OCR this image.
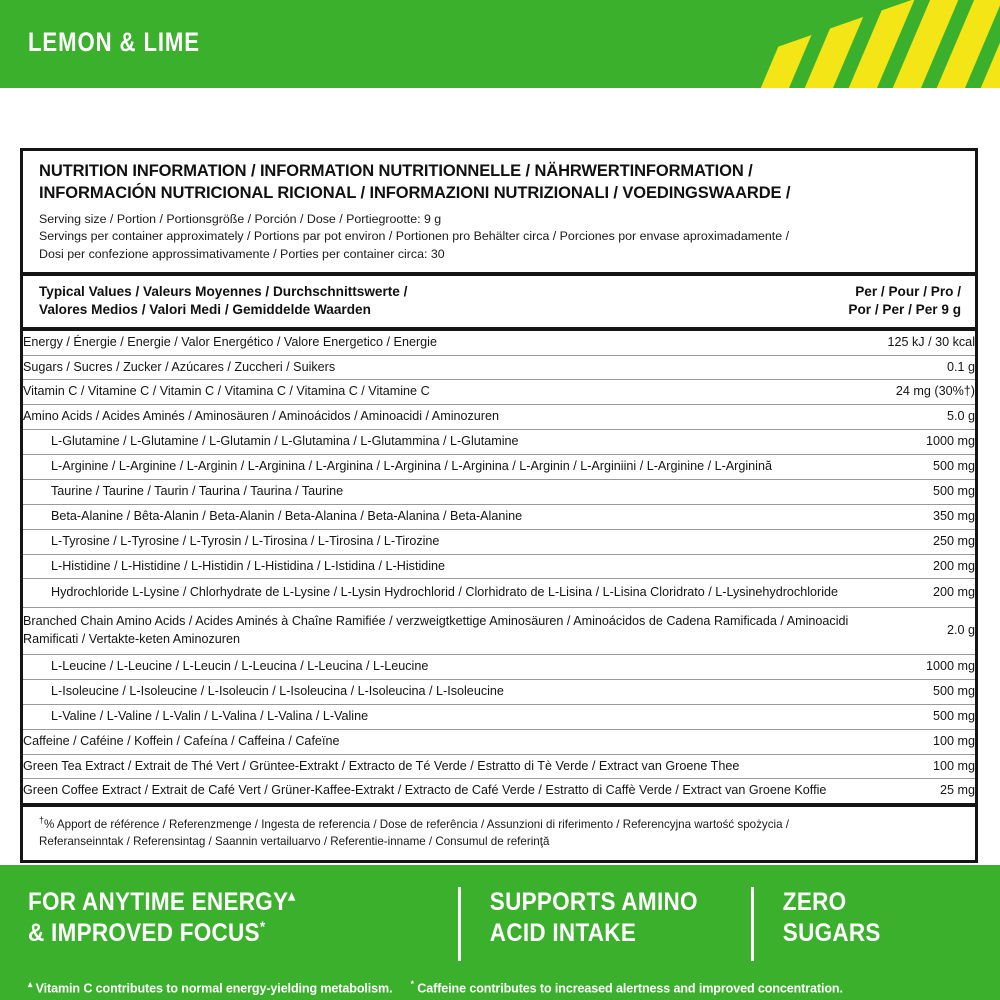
LEMON & LIME
NUTRITION INFORMATION / INFORMATION NUTRITIONNELLE / NÄHRWERTINFORMATION /
INFORMACIÓN NUTRICIONAL RICIONAL / INFORMAZIONI NUTRIZIONALI / VOEDINGSWAARDE /
Serving size / Portion / Portionsgröße / Porción / Dose / Portiegrootte: 9 g
Servings per container approximately / Portions par pot environ / Portionen pro Behälter circa / Porciones por envase aproximadamente /
Dosi per confezione approssimativamente / Porties per container circa: 30
Typical Values / Valeurs Moyennes / Durchschnittswerte /
Valores Medios / Valori Medi / Gemiddelde Waarden
Per / Pour / Pro /
Por / Per / Per 9 g
Energy / Énergie / Energie / Valor Energético / Valore Energetico / Energie	125 kJ / 30 kcal
Sugars / Sucres / Zucker / Azúcares / Zuccheri / Suikers	0.1 g
Vitamin C / Vitamine C / Vitamin C / Vitamina C / Vitamina C / Vitamine C	24 mg (30%†)
Amino Acids / Acides Aminés / Aminosäuren / Aminoácidos / Aminoacidi / Aminozuren	5.0 g
L-Glutamine / L-Glutamine / L-Glutamin / L-Glutamina / L-Glutammina / L-Glutamine	1000 mg
L-Arginine / L-Arginine / L-Arginin / L-Arginina / L-Arginina / L-Arginina / L-Arginina / L-Arginin / L-Arginiini / L-Arginine / L-Arginină	500 mg
Taurine / Taurine / Taurin / Taurina / Taurina / Taurine	500 mg
Beta-Alanine / Bêta-Alanin / Beta-Alanin / Beta-Alanina / Beta-Alanina / Beta-Alanine	350 mg
L-Tyrosine / L-Tyrosine / L-Tyrosin / L-Tirosina / L-Tirosina / L-Tirozine	250 mg
L-Histidine / L-Histidine / L-Histidin / L-Histidina / L-Istidina / L-Histidine	200 mg
Hydrochloride L-Lysine / Chlorhydrate de L-Lysine / L-Lysin Hydrochlorid / Clorhidrato de L-Lisina / L-Lisina Cloridrato / L-Lysinehydrochloride	200 mg
Branched Chain Amino Acids / Acides Aminés à Chaîne Ramifiée / verzweigtkettige Aminosäuren / Aminoácidos de Cadena Ramificada / Aminoacidi Ramificati / Vertakte-keten Aminozuren	2.0 g
L-Leucine / L-Leucine / L-Leucin / L-Leucina / L-Leucina / L-Leucine	1000 mg
L-Isoleucine / L-Isoleucine / L-Isoleucin / L-Isoleucina / L-Isoleucina / L-Isoleucine	500 mg
L-Valine / L-Valine / L-Valin / L-Valina / L-Valina / L-Valine	500 mg
Caffeine / Caféine / Koffein / Cafeína / Caffeina / Cafeïne	100 mg
Green Tea Extract / Extrait de Thé Vert / Grüntee-Extrakt / Extracto de Té Verde / Estratto di Tè Verde / Extract van Groene Thee	100 mg
Green Coffee Extract / Extrait de Café Vert / Grüner-Kaffee-Extrakt / Extracto de Café Verde / Estratto di Caffè Verde / Extract van Groene Koffie	25 mg
†% Apport de référence / Referenzmenge / Ingesta de referencia / Dose de referência / Assunzioni di riferimento / Referencyjna wartość spożycia /
Referanseinntak / Referensintag / Saannin vertailuarvo / Referentie-inname / Consumul de referinţă
FOR ANYTIME ENERGY▴
& IMPROVED FOCUS*
SUPPORTS AMINO
ACID INTAKE
ZERO
SUGARS
▴ Vitamin C contributes to normal energy-yielding metabolism. * Caffeine contributes to increased alertness and improved concentration.
